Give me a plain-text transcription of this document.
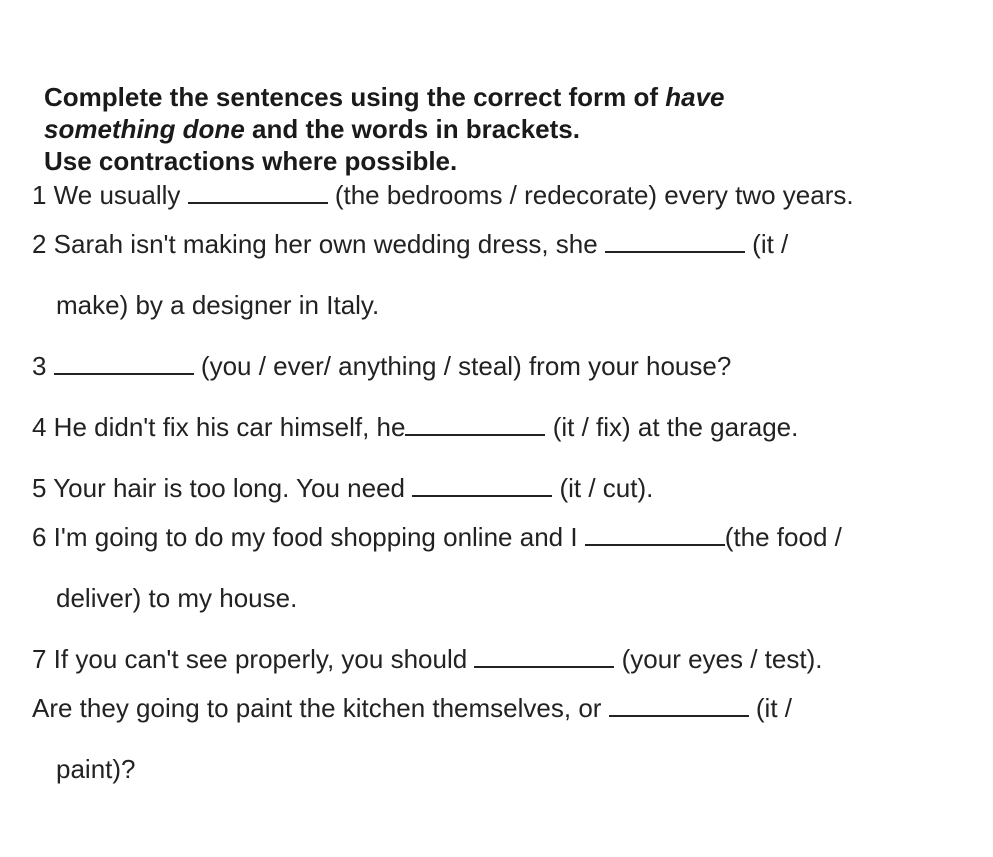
Complete the sentences using the correct form of have
something done and the words in brackets.
Use contractions where possible.
1 We usually	(the bedrooms / redecorate) every two years.
2 Sarah isn't making her own wedding dress, she	(it /
make) by a designer in Italy.
3	(you / ever/ anything / steal) from your house?
4 He didn't fix his car himself, he	(it / fix) at the garage.
5 Your hair is too long. You need	(it / cut).
6 I'm going to do my food shopping online and I	(the food /
deliver) to my house.
7 If you can't see properly, you should	(your eyes / test).
Are they going to paint the kitchen themselves, or	(it /
paint)?
